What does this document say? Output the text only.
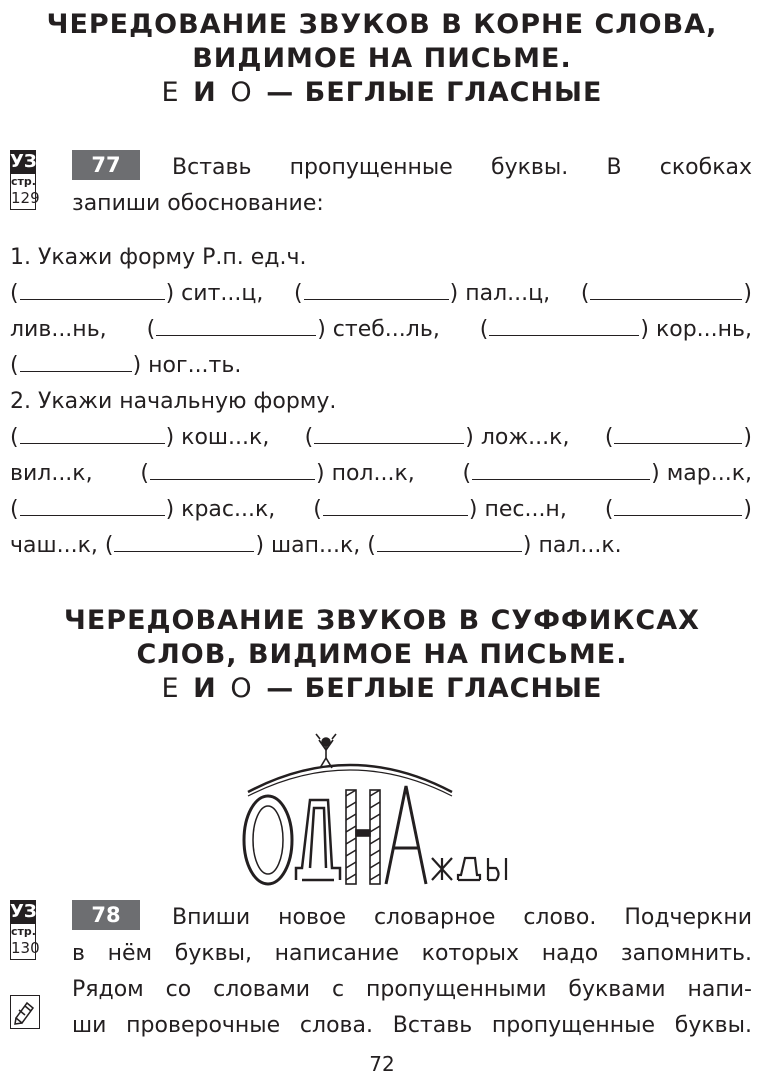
ЧЕРЕДОВАНИЕ ЗВУКОВ В КОРНЕ СЛОВА,
ВИДИМОЕ НА ПИСЬМЕ.
Е И О — БЕГЛЫЕ ГЛАСНЫЕ
УЗ
стр.
129
77	Вставь пропущенные буквы. В скобках
запиши обоснование:
1. Укажи форму Р.п. ед.ч.
(	) сит...ц, (	) пал...ц, (	)
лив...нь, (	) стеб...ль, (	) кор...нь,
(	) ног...ть.
2. Укажи начальную форму.
(	) кош...к, (	) лож...к, (	)
вил...к, (	) пол...к, (	) мар...к,
(	) крас...к, (	) пес...н, (	)
чаш...к, (	) шап...к, (	) пал...к.
ЧЕРЕДОВАНИЕ ЗВУКОВ В СУФФИКСАХ
СЛОВ, ВИДИМОЕ НА ПИСЬМЕ.
Е И О — БЕГЛЫЕ ГЛАСНЫЕ
УЗ
стр.
130
78	Впиши новое словарное слово. Подчеркни
в нём буквы, написание которых надо запомнить.
Рядом со словами с пропущенными буквами напи-
ши проверочные слова. Вставь пропущенные буквы.
72
